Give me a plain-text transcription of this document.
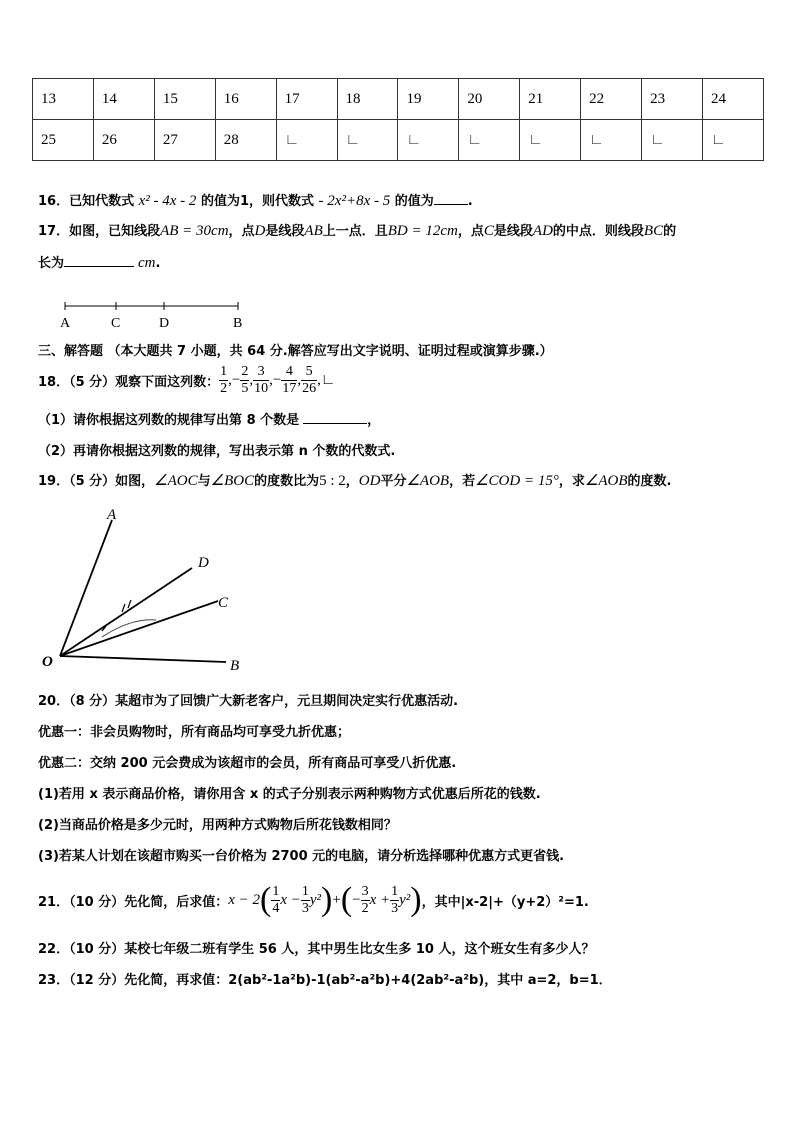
13	14	15	16	17	18	19	20	21	22	23	24
25	26	27	28	∟	∟	∟	∟	∟	∟	∟	∟
16．已知代数式 x² - 4x - 2 的值为1，则代数式 - 2x²+8x - 5 的值为	.
17．如图，已知线段AB = 30cm，点D是线段AB上一点．且BD = 12cm，点C是线段AD的中点．则线段BC的
长为	cm.
A	C	D	B
三、解答题 （本大题共 7 小题，共 64 分.解答应写出文字说明、证明过程或演算步骤.）
18．（5 分）观察下面这列数： $\frac{1}{2}$ , − $\frac{2}{5}$ , $\frac{3}{10}$ , − $\frac{4}{17}$ , $\frac{5}{26}$ ,∟
（1）请你根据这列数的规律写出第 8 个数是	，
（2）再请你根据这列数的规律，写出表示第 n 个数的代数式.
19．（5 分）如图，∠AOC与∠BOC的度数比为5 : 2，OD平分∠AOB，若∠COD = 15°，求∠AOB的度数.
A
D
C
O	B
20．（8 分）某超市为了回馈广大新老客户，元旦期间决定实行优惠活动.
优惠一：非会员购物时，所有商品均可享受九折优惠；
优惠二：交纳 200 元会费成为该超市的会员，所有商品可享受八折优惠.
(1)若用 x 表示商品价格，请你用含 x 的式子分别表示两种购物方式优惠后所花的钱数.
(2)当商品价格是多少元时，用两种方式购物后所花钱数相同？
(3)若某人计划在该超市购买一台价格为 2700 元的电脑，请分析选择哪种优惠方式更省钱.
21．（10 分）先化简，后求值： x − 2 ( $\frac{1}{4}$ $x - \frac{1}{3} y^2$ ) + ( − $\frac{3}{2}$ $x + \frac{1}{3} y^2$ ) ，其中|x-2|+（y+2）²=1.
22．（10 分）某校七年级二班有学生 56 人，其中男生比女生多 10 人，这个班女生有多少人？
23．（12 分）先化简，再求值：2(ab²-1a²b)-1(ab²-a²b)+4(2ab²-a²b)，其中 a=2，b=1．
